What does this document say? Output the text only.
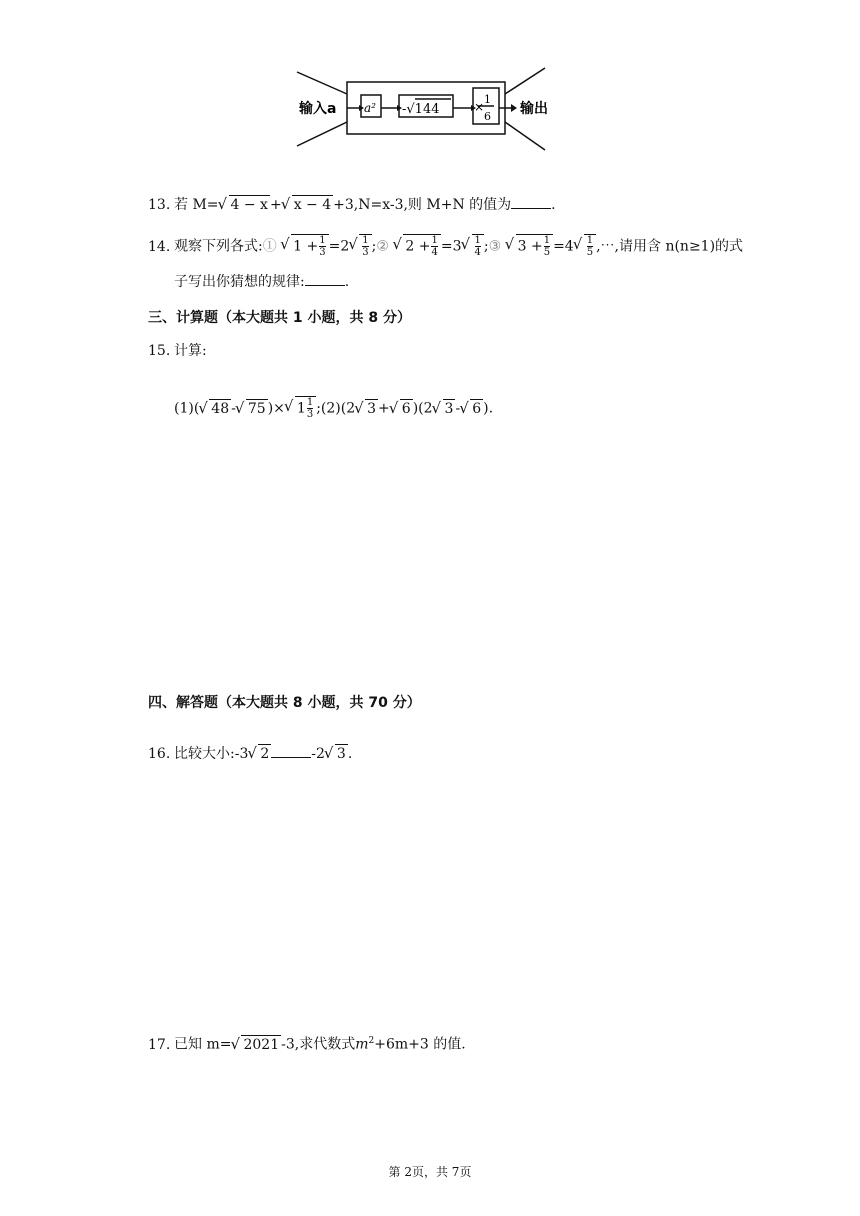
输入a a² -√144	×
1
6 输出
13. 若 M= √ 4 − x + √ x − 4 +3,N=x-3,则 M+N 的值为	.
14. 观察下列各式:① √ $1 + \frac{1}{3} =2$ √ $\frac{1}{3}$ ;② √ $2 + \frac{1}{4} =3$ √ $\frac{1}{4}$ ;③ √ $3 + \frac{1}{5} =4$ √ $\frac{1}{5}$ ,⋯,请用含 n(n≥1)的式
子写出你猜想的规律:	.
三、计算题（本大题共 1 小题，共 8 分）
15. 计算:
(1)( √ 48 - √ 75 )× √ $1 \frac{1}{3}$ ;(2)(2 √ 3 + √ 6 )(2 √ 3 - √ 6 ).
四、解答题（本大题共 8 小题，共 70 分）
16. 比较大小:-3 √ 2	-2 √ 3 .
17. 已知 m= √ 2021 -3,求代数式$m^2+6m+3$ 的值.
第 2页，共 7页
